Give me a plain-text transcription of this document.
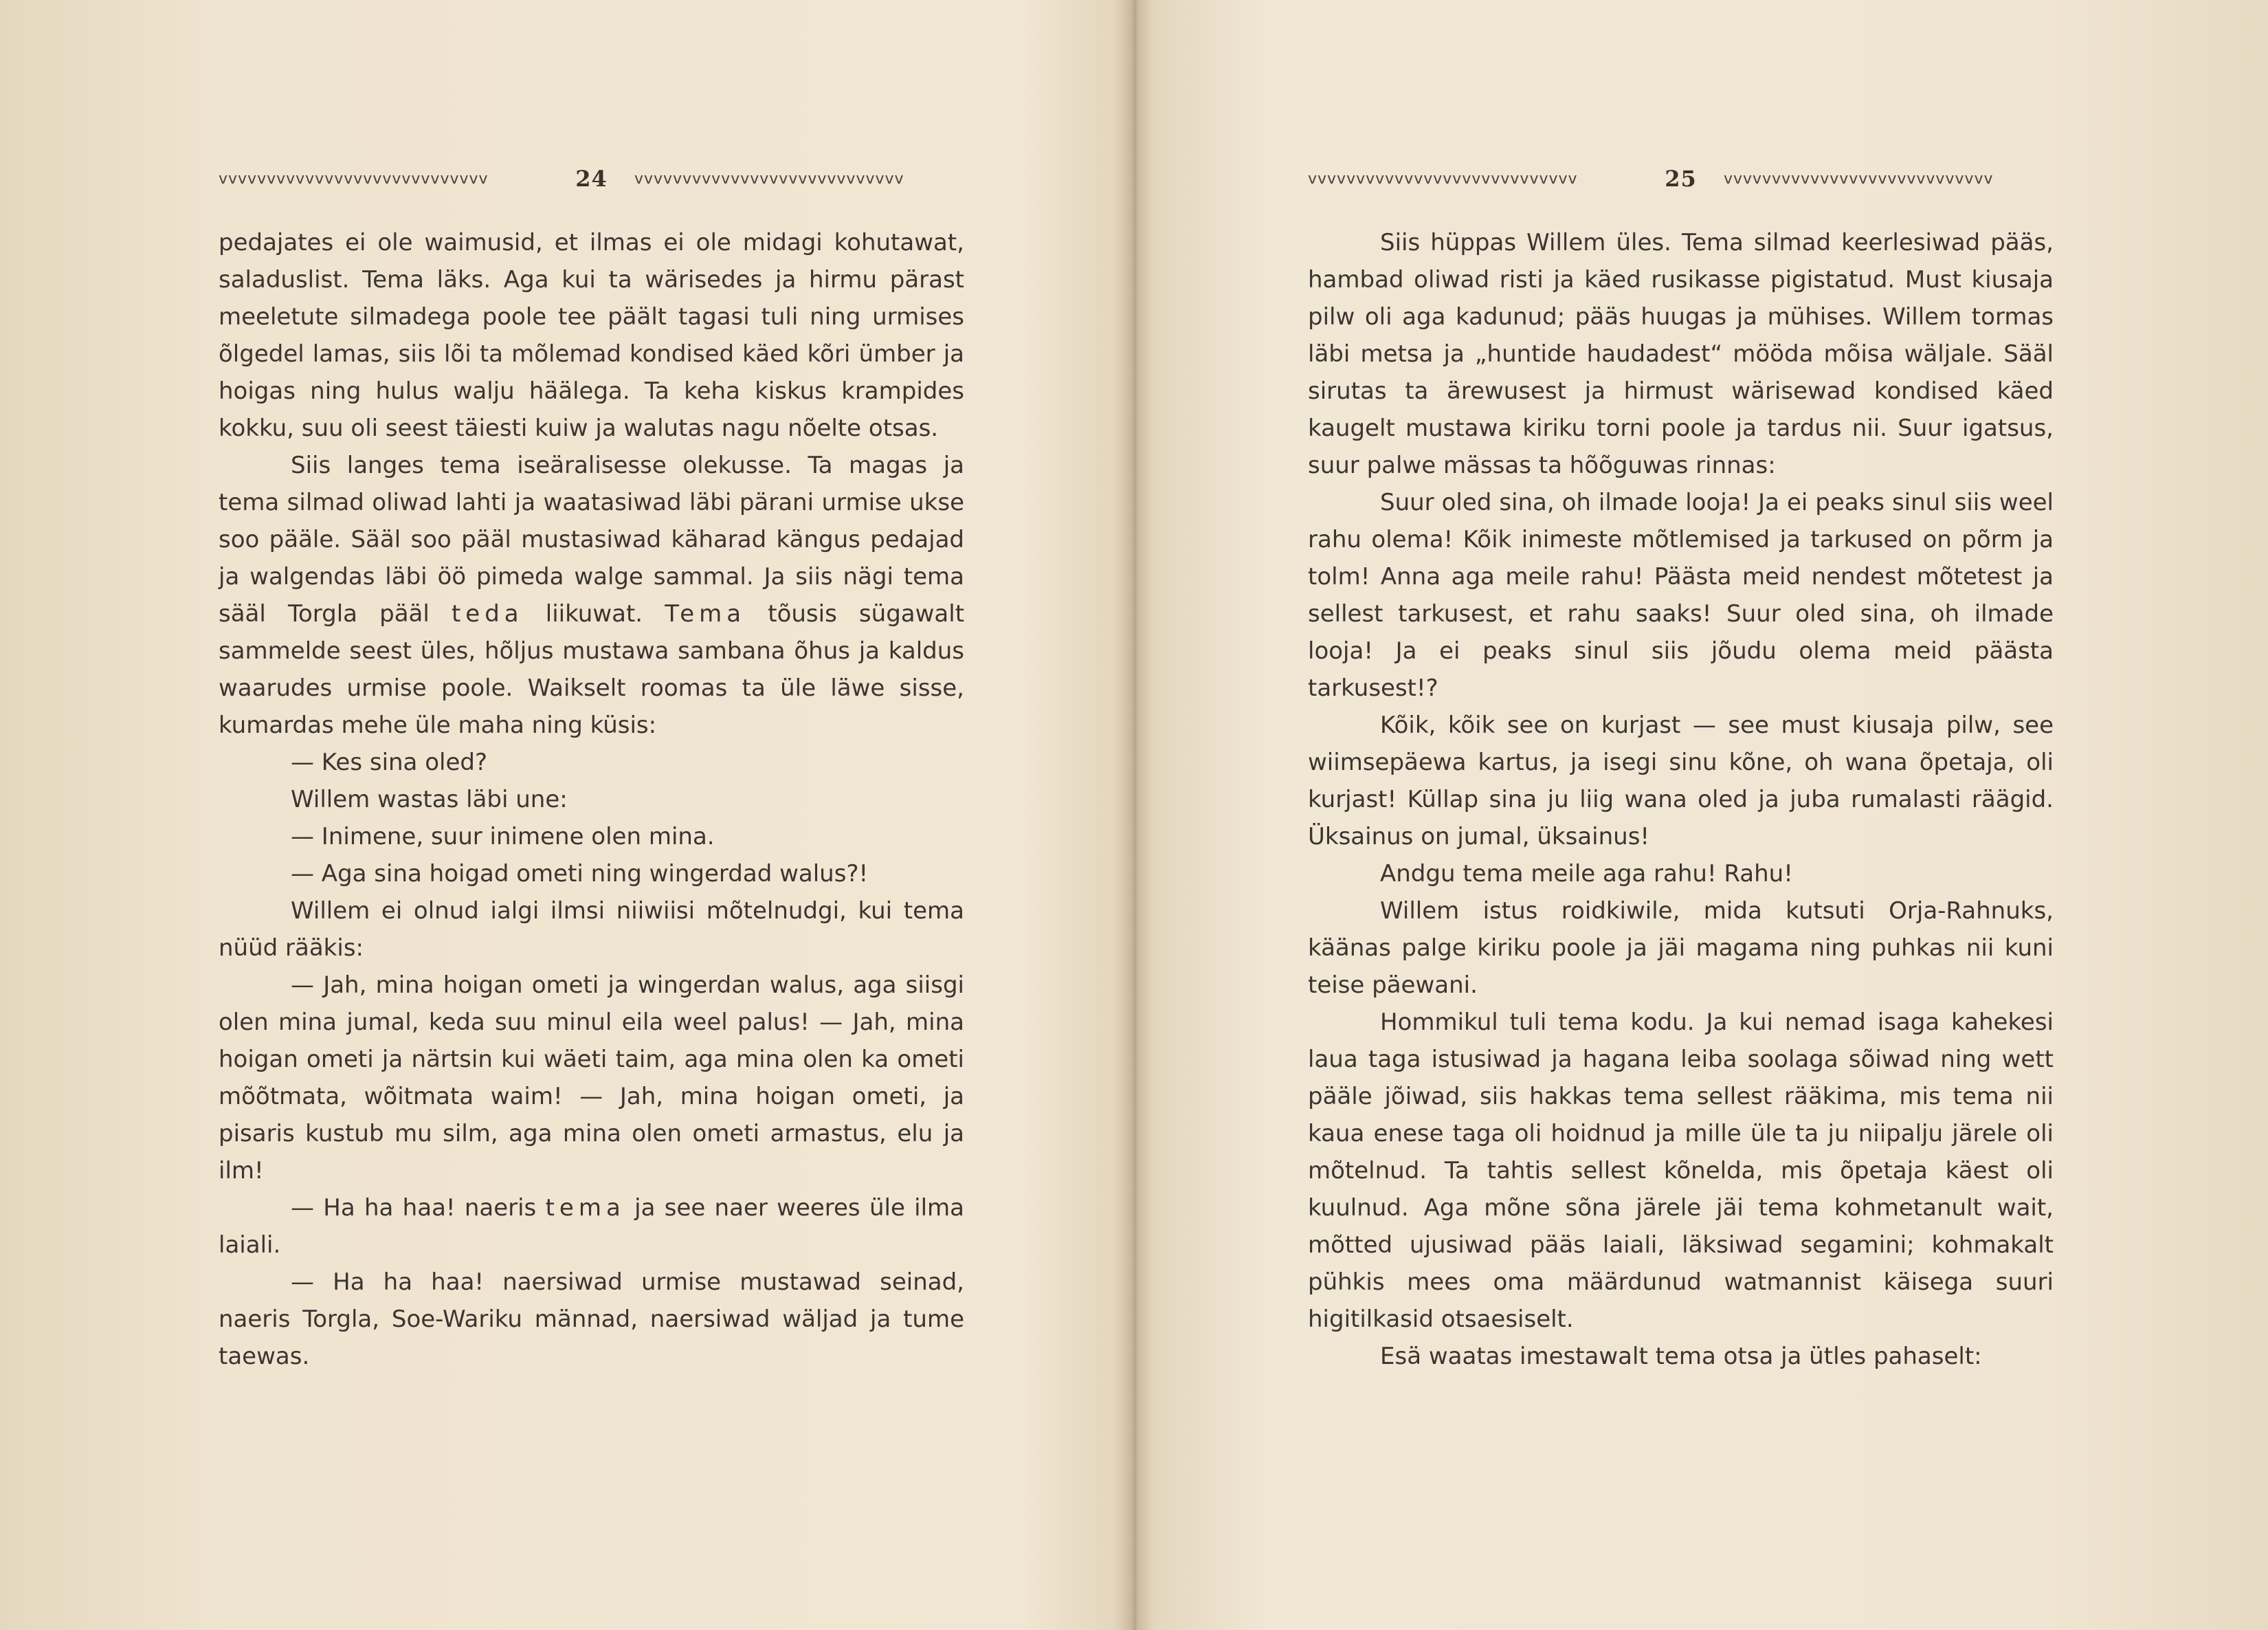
vvvvvvvvvvvvvvvvvvvvvvvvvvvv	24 vvvvvvvvvvvvvvvvvvvvvvvvvvvv

pedajates ei ole waimusid, et ilmas ei ole midagi kohutawat, saladuslist. Tema läks. Aga kui ta wärisedes ja hirmu pärast meeletute silmadega poole tee päält tagasi tuli ning urmises õlgedel lamas, siis lõi ta mõlemad kondised käed kõri ümber ja hoigas ning hulus walju häälega. Ta keha kiskus krampides kokku, suu oli seest täiesti kuiw ja walutas nagu nõelte otsas.

Siis langes tema iseäralisesse olekusse. Ta magas ja tema silmad oliwad lahti ja waatasiwad läbi pärani urmise ukse soo pääle. Sääl soo pääl mustasiwad käharad kängus pedajad ja walgendas läbi öö pimeda walge sammal. Ja siis nägi tema sääl Torgla pääl teda liikuwat. Tema tõusis sügawalt sammelde seest üles, hõljus mustawa sambana õhus ja kaldus waarudes urmise poole. Waikselt roomas ta üle läwe sisse, kumardas mehe üle maha ning küsis:

— Kes sina oled?

Willem wastas läbi une:

— Inimene, suur inimene olen mina.

— Aga sina hoigad ometi ning wingerdad walus?!

Willem ei olnud ialgi ilmsi niiwiisi mõtelnudgi, kui tema nüüd rääkis:

— Jah, mina hoigan ometi ja wingerdan walus, aga siisgi olen mina jumal, keda suu minul eila weel palus! — Jah, mina hoigan ometi ja närtsin kui wäeti taim, aga mina olen ka ometi mõõtmata, wõitmata waim! — Jah, mina hoigan ometi, ja pisaris kustub mu silm, aga mina olen ometi armastus, elu ja ilm!

— Ha ha haa! naeris tema ja see naer weeres üle ilma laiali.

— Ha ha haa! naersiwad urmise mustawad seinad, naeris Torgla, Soe-Wariku männad, naersiwad wäljad ja tume taewas.

vvvvvvvvvvvvvvvvvvvvvvvvvvvv	25 vvvvvvvvvvvvvvvvvvvvvvvvvvvv

Siis hüppas Willem üles. Tema silmad keerlesiwad pääs, hambad oliwad risti ja käed rusikasse pigistatud. Must kiusaja pilw oli aga kadunud; pääs huugas ja mühises. Willem tormas läbi metsa ja „huntide haudadest“ mööda mõisa wäljale. Sääl sirutas ta ärewusest ja hirmust wärisewad kondised käed kaugelt mustawa kiriku torni poole ja tardus nii. Suur igatsus, suur palwe mässas ta hõõguwas rinnas:

Suur oled sina, oh ilmade looja! Ja ei peaks sinul siis weel rahu olema! Kõik inimeste mõtlemised ja tarkused on põrm ja tolm! Anna aga meile rahu! Päästa meid nendest mõtetest ja sellest tarkusest, et rahu saaks! Suur oled sina, oh ilmade looja! Ja ei peaks sinul siis jõudu olema meid päästa tarkusest!?

Kõik, kõik see on kurjast — see must kiusaja pilw, see wiimsepäewa kartus, ja isegi sinu kõne, oh wana õpetaja, oli kurjast! Küllap sina ju liig wana oled ja juba rumalasti räägid. Üksainus on jumal, üksainus!

Andgu tema meile aga rahu! Rahu!

Willem istus roidkiwile, mida kutsuti Orja-Rahnuks, käänas palge kiriku poole ja jäi magama ning puhkas nii kuni teise päewani.

Hommikul tuli tema kodu. Ja kui nemad isaga kahekesi laua taga istusiwad ja hagana leiba soolaga sõiwad ning wett pääle jõiwad, siis hakkas tema sellest rääkima, mis tema nii kaua enese taga oli hoidnud ja mille üle ta ju niipalju järele oli mõtelnud. Ta tahtis sellest kõnelda, mis õpetaja käest oli kuulnud. Aga mõne sõna järele jäi tema kohmetanult wait, mõtted ujusiwad pääs laiali, läksiwad segamini; kohmakalt pühkis mees oma määrdunud watmannist käisega suuri higitilkasid otsaesiselt.

Esä waatas imestawalt tema otsa ja ütles pahaselt:
